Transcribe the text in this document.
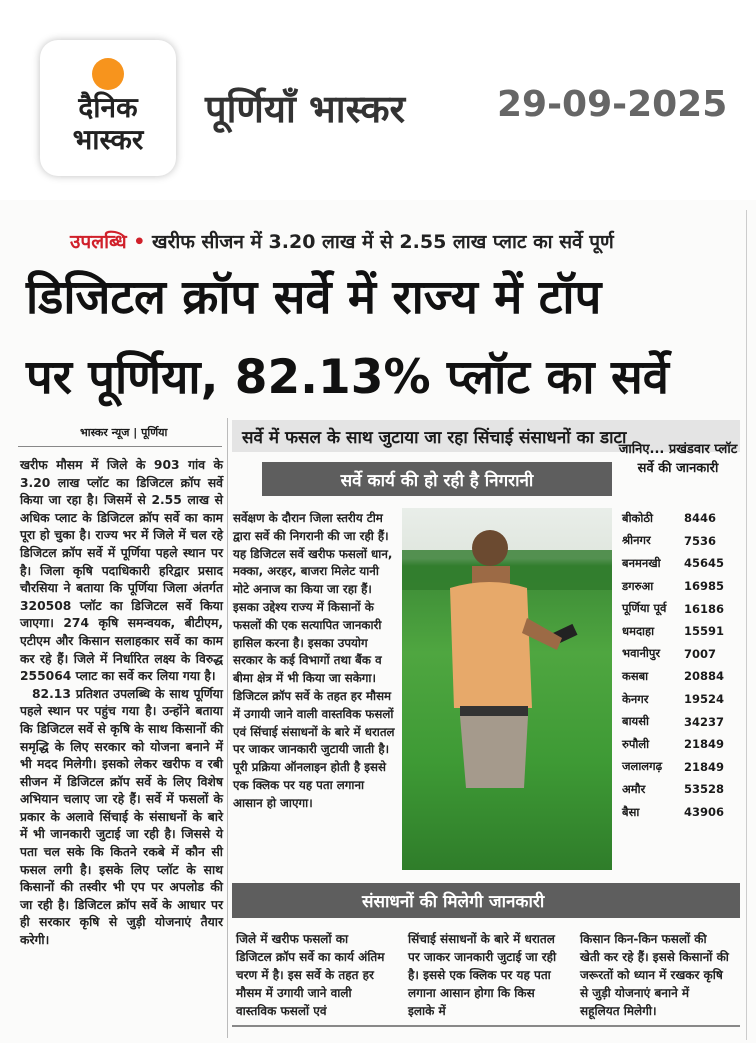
दैनिक
भास्कर
पूर्णियाँ भास्कर	29-09-2025
उपलब्धि • खरीफ सीजन में 3.20 लाख में से 2.55 लाख प्लाट का सर्वे पूर्ण
डिजिटल क्रॉप सर्वे में राज्य में टॉप
पर पूर्णिया, 82.13% प्लॉट का सर्वे
भास्कर न्यूज | पूर्णिया

खरीफ मौसम में जिले के 903 गांव के 3.20 लाख प्लॉट का डिजिटल क्रॉप सर्वे किया जा रहा है। जिसमें से 2.55 लाख से अधिक प्लाट के डिजिटल क्रॉप सर्वे का काम पूरा हो चुका है। राज्य भर में जिले में चल रहे डिजिटल क्रॉप सर्वे में पूर्णिया पहले स्थान पर है। जिला कृषि पदाधिकारी हरिद्वार प्रसाद चौरसिया ने बताया कि पूर्णिया जिला अंतर्गत 320508 प्लॉट का डिजिटल सर्वे किया जाएगा। 274 कृषि समन्वयक, बीटीएम, एटीएम और किसान सलाहकार सर्वे का काम कर रहे हैं। जिले में निर्धारित लक्ष्य के विरुद्ध 255064 प्लाट का सर्वे कर लिया गया है।

82.13 प्रतिशत उपलब्धि के साथ पूर्णिया पहले स्थान पर पहुंच गया है। उन्होंने बताया कि डिजिटल सर्वे से कृषि के साथ किसानों की समृद्धि के लिए सरकार को योजना बनाने में भी मदद मिलेगी। इसको लेकर खरीफ व रबी सीजन में डिजिटल क्रॉप सर्वे के लिए विशेष अभियान चलाए जा रहे हैं। सर्वे में फसलों के प्रकार के अलावे सिंचाई के संसाधनों के बारे में भी जानकारी जुटाई जा रही है। जिससे ये पता चल सके कि कितने रकबे में कौन सी फसल लगी है। इसके लिए प्लॉट के साथ किसानों की तस्वीर भी एप पर अपलोड की जा रही है। डिजिटल क्रॉप सर्वे के आधार पर ही सरकार कृषि से जुड़ी योजनाएं तैयार करेगी।

सर्वे में फसल के साथ जुटाया जा रहा सिंचाई संसाधनों का डाटा
सर्वे कार्य की हो रही है निगरानी
सर्वेक्षण के दौरान जिला स्तरीय टीम द्वारा सर्वे की निगरानी की जा रही हैं। यह डिजिटल सर्वे खरीफ फसलों धान, मक्का, अरहर, बाजरा मिलेट यानी मोटे अनाज का किया जा रहा हैं। इसका उद्देश्य राज्य में किसानों के फसलों की एक सत्यापित जानकारी हासिल करना है। इसका उपयोग सरकार के कई विभागों तथा बैंक व बीमा क्षेत्र में भी किया जा सकेगा। डिजिटल क्रॉप सर्वे के तहत हर मौसम में उगायी जाने वाली वास्तविक फसलों एवं सिंचाई संसाधनों के बारे में धरातल पर जाकर जानकारी जुटायी जाती है। पूरी प्रक्रिया ऑनलाइन होती है इससे एक क्लिक पर यह पता लगाना आसान हो जाएगा।
जानिए... प्रखंडवार प्लॉट सर्वे की जानकारी
बीकोठी	8446
श्रीनगर	7536
बनमनखी	45645
डगरुआ	16985
पूर्णिया पूर्व	16186
धमदाहा	15591
भवानीपुर	7007
कसबा	20884
केनगर	19524
बायसी	34237
रुपौली	21849
जलालगढ़	21849
अमौर	53528
बैसा	43906
संसाधनों की मिलेगी जानकारी
जिले में खरीफ फसलों का डिजिटल क्रॉप सर्वे का कार्य अंतिम चरण में है। इस सर्वे के तहत हर मौसम में उगायी जाने वाली वास्तविक फसलों एवं
सिंचाई संसाधनों के बारे में धरातल पर जाकर जानकारी जुटाई जा रही है। इससे एक क्लिक पर यह पता लगाना आसान होगा कि किस इलाके में
किसान किन-किन फसलों की खेती कर रहे हैं। इससे किसानों की जरूरतों को ध्यान में रखकर कृषि से जुड़ी योजनाएं बनाने में सहूलियत मिलेगी।
